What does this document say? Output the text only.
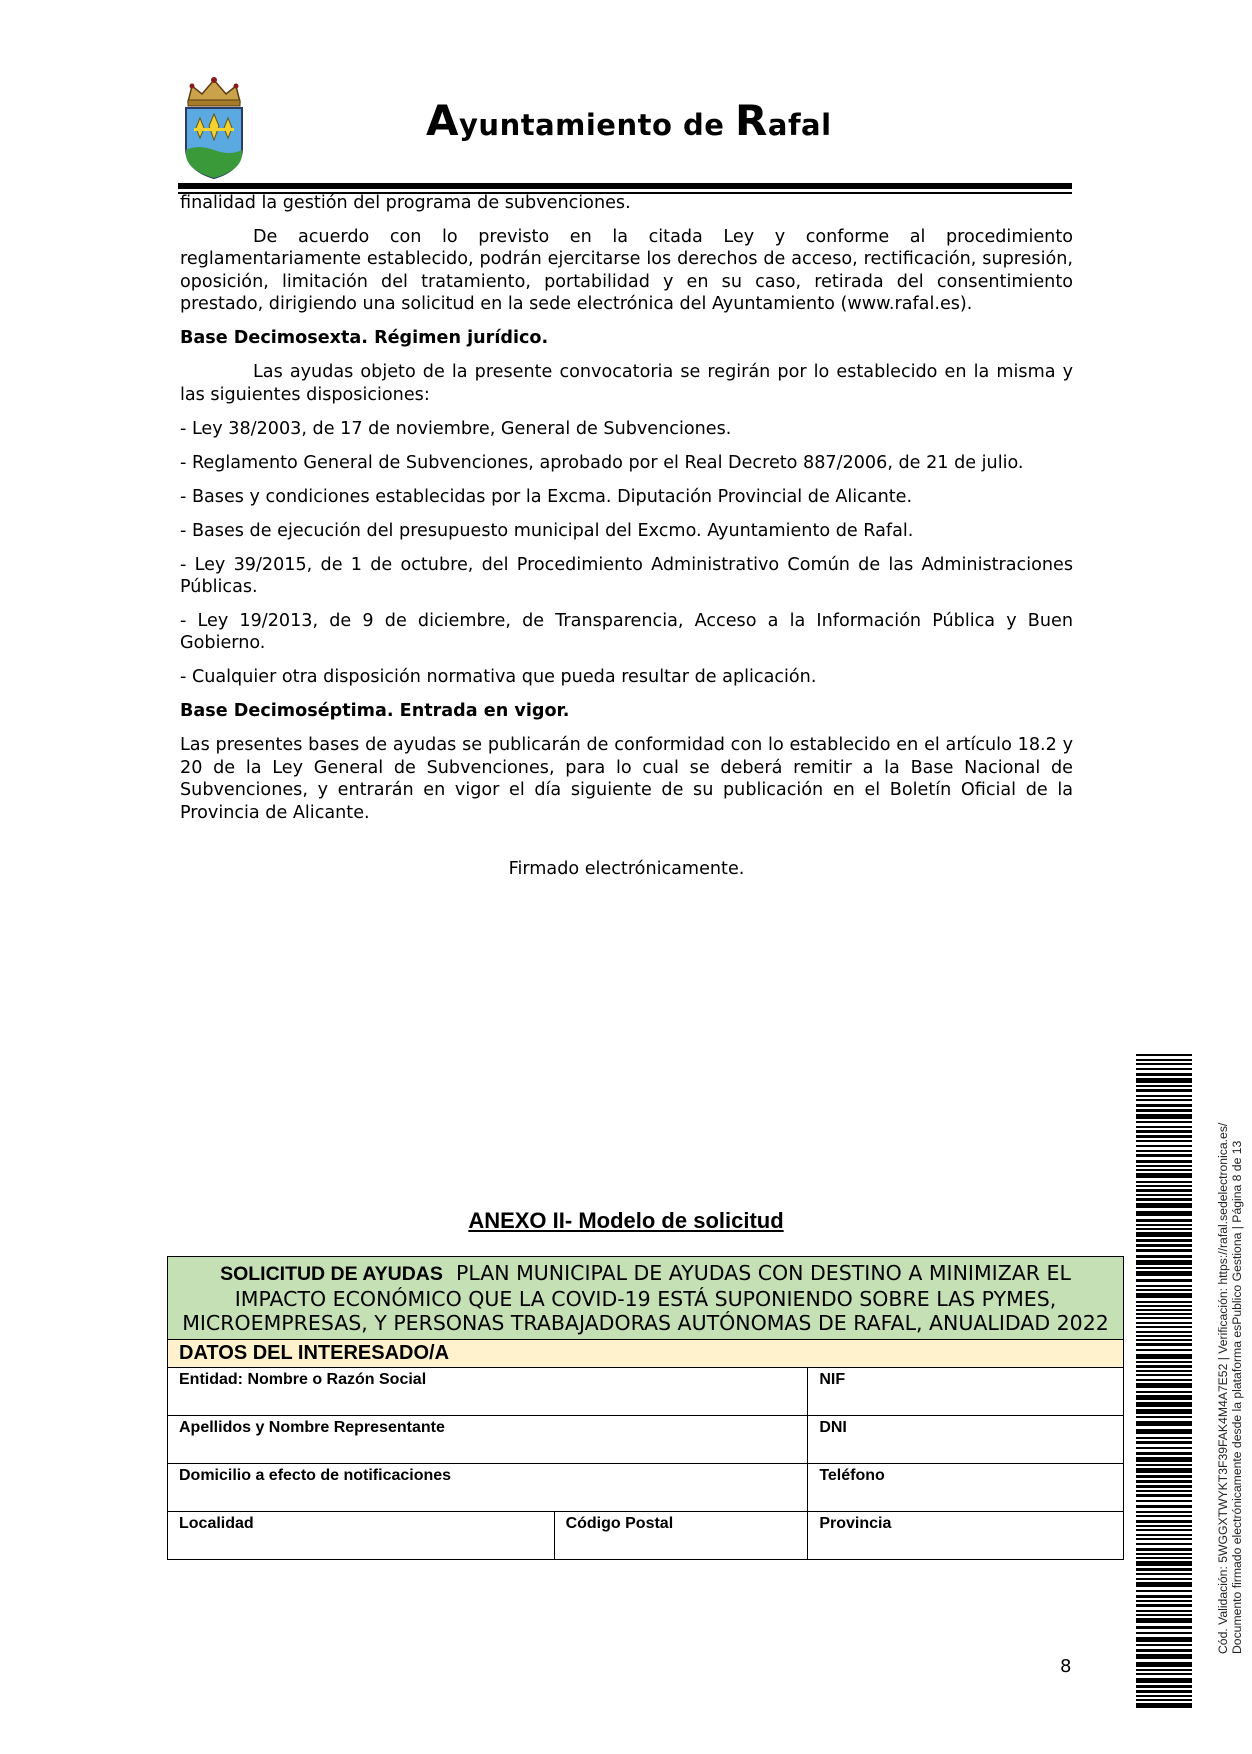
Ayuntamiento de Rafal

finalidad la gestión del programa de subvenciones.

De acuerdo con lo previsto en la citada Ley y conforme al procedimiento reglamentariamente establecido, podrán ejercitarse los derechos de acceso, rectificación, supresión, oposición, limitación del tratamiento, portabilidad y en su caso, retirada del consentimiento prestado, dirigiendo una solicitud en la sede electrónica del Ayuntamiento (www.rafal.es).

Base Decimosexta. Régimen jurídico.

Las ayudas objeto de la presente convocatoria se regirán por lo establecido en la misma y las siguientes disposiciones:

- Ley 38/2003, de 17 de noviembre, General de Subvenciones.

- Reglamento General de Subvenciones, aprobado por el Real Decreto 887/2006, de 21 de julio.

- Bases y condiciones establecidas por la Excma. Diputación Provincial de Alicante.

- Bases de ejecución del presupuesto municipal del Excmo. Ayuntamiento de Rafal.

- Ley 39/2015, de 1 de octubre, del Procedimiento Administrativo Común de las Administraciones Públicas.

- Ley 19/2013, de 9 de diciembre, de Transparencia, Acceso a la Información Pública y Buen Gobierno.

- Cualquier otra disposición normativa que pueda resultar de aplicación.

Base Decimoséptima. Entrada en vigor.

Las presentes bases de ayudas se publicarán de conformidad con lo establecido en el artículo 18.2 y 20 de la Ley General de Subvenciones, para lo cual se deberá remitir a la Base Nacional de Subvenciones, y entrarán en vigor el día siguiente de su publicación en el Boletín Oficial de la Provincia de Alicante.

Firmado electrónicamente.

ANEXO II- Modelo de solicitud
SOLICITUD DE AYUDAS PLAN MUNICIPAL DE AYUDAS CON DESTINO A MINIMIZAR EL IMPACTO ECONÓMICO QUE LA COVID-19 ESTÁ SUPONIENDO SOBRE LAS PYMES, MICROEMPRESAS, Y PERSONAS TRABAJADORAS AUTÓNOMAS DE RAFAL, ANUALIDAD 2022		
DATOS DEL INTERESADO/A		
Entidad: Nombre o Razón Social		NIF
Apellidos y Nombre Representante		DNI
Domicilio a efecto de notificaciones		Teléfono
Localidad	Código Postal	Provincia	Cód. Validación: 5WGGXTWYKT3F39FAK4M4A7E52 | Verificación: https://rafal.sedelectronica.es/ Documento firmado electrónicamente desde la plataforma esPublico Gestiona | Página 8 de 13
8
